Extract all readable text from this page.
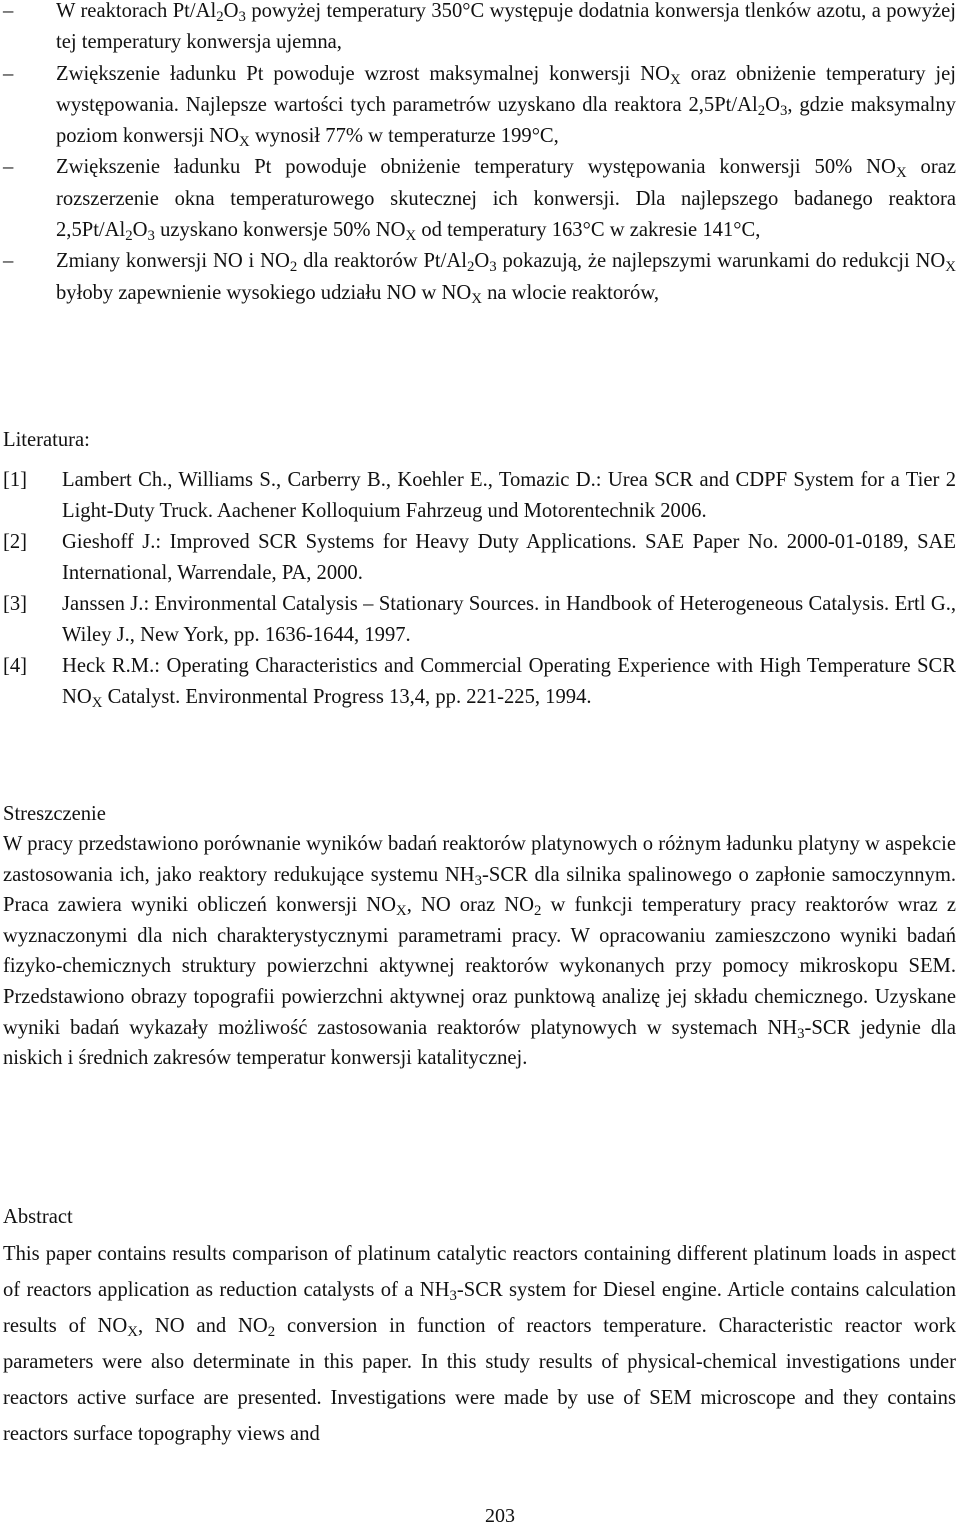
– W reaktorach $Pt/Al_2O_3$ powyżej temperatury 350°C występuje dodatnia konwersja tlenków azotu, a powyżej tej temperatury konwersja ujemna,
– Zwiększenie ładunku Pt powoduje wzrost maksymalnej konwersji $NO_X$ oraz obniżenie temperatury jej występowania. Najlepsze wartości tych parametrów uzyskano dla reaktora $2,5Pt/Al_2O_3$, gdzie maksymalny poziom konwersji $NO_X$ wynosił 77% w temperaturze 199°C,
– Zwiększenie ładunku Pt powoduje obniżenie temperatury występowania konwersji 50% $NO_X$ oraz rozszerzenie okna temperaturowego skutecznej ich konwersji. Dla najlepszego badanego reaktora $2,5Pt/Al_2O_3$ uzyskano konwersje 50% $NO_X$ od temperatury 163°C w zakresie 141°C,
– Zmiany konwersji NO i $NO_2$ dla reaktorów $Pt/Al_2O_3$ pokazują, że najlepszymi warunkami do redukcji $NO_X$ byłoby zapewnienie wysokiego udziału NO w $NO_X$ na wlocie reaktorów,
Literatura:
[1] Lambert Ch., Williams S., Carberry B., Koehler E., Tomazic D.: Urea SCR and CDPF System for a Tier 2 Light-Duty Truck. Aachener Kolloquium Fahrzeug und Motorentechnik 2006.
[2] Gieshoff J.: Improved SCR Systems for Heavy Duty Applications. SAE Paper No. 2000-01-0189, SAE International, Warrendale, PA, 2000.
[3] Janssen J.: Environmental Catalysis – Stationary Sources. in Handbook of Heterogeneous Catalysis. Ertl G., Wiley J., New York, pp. 1636-1644, 1997.
[4] Heck R.M.: Operating Characteristics and Commercial Operating Experience with High Temperature SCR $NO_X$ Catalyst. Environmental Progress 13,4, pp. 221-225, 1994.
Streszczenie

W pracy przedstawiono porównanie wyników badań reaktorów platynowych o różnym ładunku platyny w aspekcie zastosowania ich, jako reaktory redukujące systemu $NH_3$-SCR dla silnika spalinowego o zapłonie samoczynnym. Praca zawiera wyniki obliczeń konwersji $NO_X$, NO oraz $NO_2$ w funkcji temperatury pracy reaktorów wraz z wyznaczonymi dla nich charakterystycznymi parametrami pracy. W opracowaniu zamieszczono wyniki badań fizyko-chemicznych struktury powierzchni aktywnej reaktorów wykonanych przy pomocy mikroskopu SEM. Przedstawiono obrazy topografii powierzchni aktywnej oraz punktową analizę jej składu chemicznego. Uzyskane wyniki badań wykazały możliwość zastosowania reaktorów platynowych w systemach $NH_3$-SCR jedynie dla niskich i średnich zakresów temperatur konwersji katalitycznej.

Abstract

This paper contains results comparison of platinum catalytic reactors containing different platinum loads in aspect of reactors application as reduction catalysts of a $NH_3$-SCR system for Diesel engine. Article contains calculation results of $NO_X$, NO and $NO_2$ conversion in function of reactors temperature. Characteristic reactor work parameters were also determinate in this paper. In this study results of physical-chemical investigations under reactors active surface are presented. Investigations were made by use of SEM microscope and they contains reactors surface topography views and

203
